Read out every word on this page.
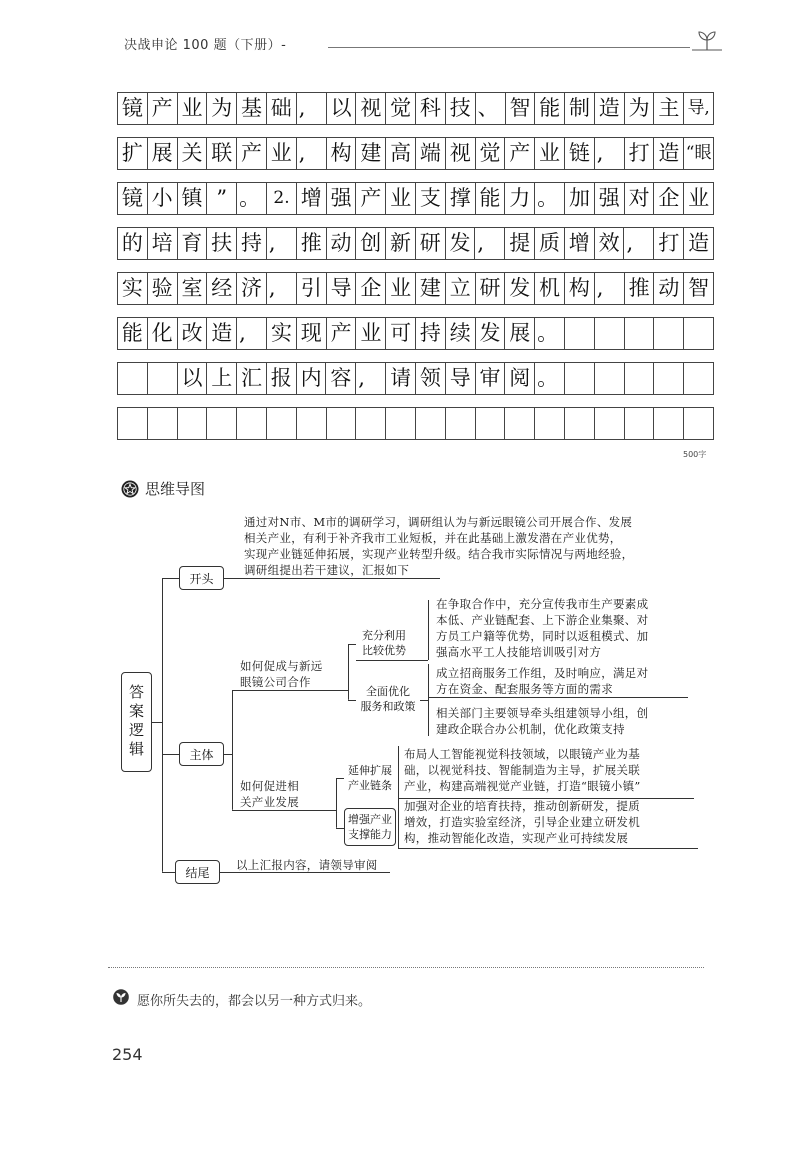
决战申论 100 题（下册）-
镜 产 业 为 基 础 ,	以 视 觉 科 技 、 智 能 制 造 为 主 导,
扩 展 关 联 产 业 ,	构 建 高 端 视 觉 产 业 链 ,	打 造 “眼
镜 小 镇 ” 。 2. 增 强 产 业 支 撑 能 力 。 加 强 对 企 业
的 培 育 扶 持 ,	推 动 创 新 研 发 ,	提 质 增 效 ,	打 造
实 验 室 经 济 ,	引 导 企 业 建 立 研 发 机 构 ,	推 动 智
能 化 改 造 ,	实 现 产 业 可 持 续 发 展 。
以 上 汇 报 内 容 ,	请 领 导 审 阅 。
500字
思维导图
开头
通过对N市、M市的调研学习，调研组认为与新远眼镜公司开展合作、发展
相关产业，有利于补齐我市工业短板，并在此基础上激发潜在产业优势，
实现产业链延伸拓展，实现产业转型升级。结合我市实际情况与两地经验，
调研组提出若干建议，汇报如下
主体
如何促成与新远
眼镜公司合作
充分利用
比较优势
在争取合作中，充分宣传我市生产要素成
本低、产业链配套、上下游企业集聚、对
方员工户籍等优势，同时以返租模式、加
强高水平工人技能培训吸引对方
全面优化
服务和政策
成立招商服务工作组，及时响应，满足对
方在资金、配套服务等方面的需求
相关部门主要领导牵头组建领导小组，创
建政企联合办公机制，优化政策支持
如何促进相
关产业发展
延伸扩展
产业链条
布局人工智能视觉科技领域，以眼镜产业为基
础，以视觉科技、智能制造为主导，扩展关联
产业，构建高端视觉产业链，打造“眼镜小镇”
增强产业
支撑能力
加强对企业的培育扶持，推动创新研发，提质
增效，打造实验室经济，引导企业建立研发机
构，推动智能化改造，实现产业可持续发展
结尾
以上汇报内容，请领导审阅
答案逻辑
愿你所失去的，都会以另一种方式归来。
254
